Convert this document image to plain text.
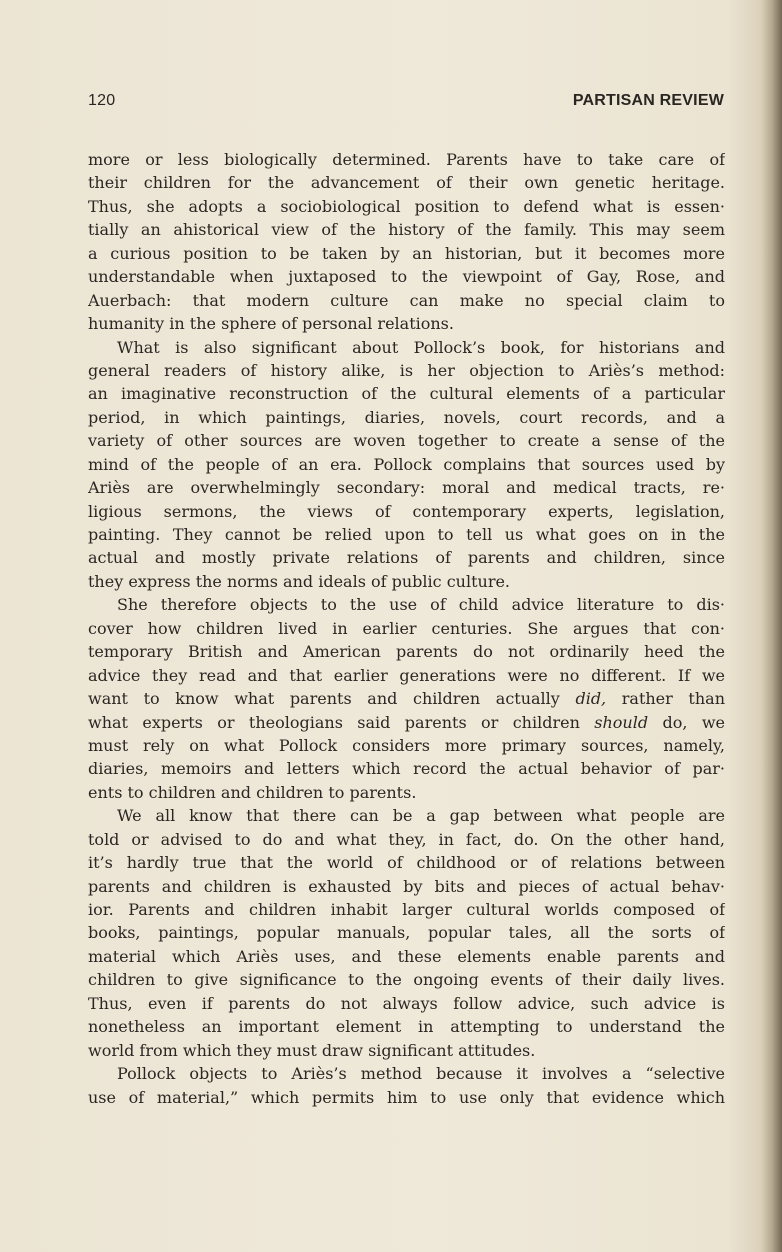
120	PARTISAN REVIEW
more or less biologically determined. Parents have to take care of
their children for the advancement of their own genetic heritage.
Thus, she adopts a sociobiological position to defend what is essen·
tially an ahistorical view of the history of the family. This may seem
a curious position to be taken by an historian, but it becomes more
understandable when juxtaposed to the viewpoint of Gay, Rose, and
Auerbach: that modern culture can make no special claim to
humanity in the sphere of personal relations.
What is also significant about Pollock’s book, for historians and
general readers of history alike, is her objection to Ariès’s method:
an imaginative reconstruction of the cultural elements of a particular
period, in which paintings, diaries, novels, court records, and a
variety of other sources are woven together to create a sense of the
mind of the people of an era. Pollock complains that sources used by
Ariès are overwhelmingly secondary: moral and medical tracts, re·
ligious sermons, the views of contemporary experts, legislation,
painting. They cannot be relied upon to tell us what goes on in the
actual and mostly private relations of parents and children, since
they express the norms and ideals of public culture.
She therefore objects to the use of child advice literature to dis·
cover how children lived in earlier centuries. She argues that con·
temporary British and American parents do not ordinarily heed the
advice they read and that earlier generations were no different. If we
want to know what parents and children actually did, rather than
what experts or theologians said parents or children should do, we
must rely on what Pollock considers more primary sources, namely,
diaries, memoirs and letters which record the actual behavior of par·
ents to children and children to parents.
We all know that there can be a gap between what people are
told or advised to do and what they, in fact, do. On the other hand,
it’s hardly true that the world of childhood or of relations between
parents and children is exhausted by bits and pieces of actual behav·
ior. Parents and children inhabit larger cultural worlds composed of
books, paintings, popular manuals, popular tales, all the sorts of
material which Ariès uses, and these elements enable parents and
children to give significance to the ongoing events of their daily lives.
Thus, even if parents do not always follow advice, such advice is
nonetheless an important element in attempting to understand the
world from which they must draw significant attitudes.
Pollock objects to Ariès’s method because it involves a “selective
use of material,” which permits him to use only that evidence which
